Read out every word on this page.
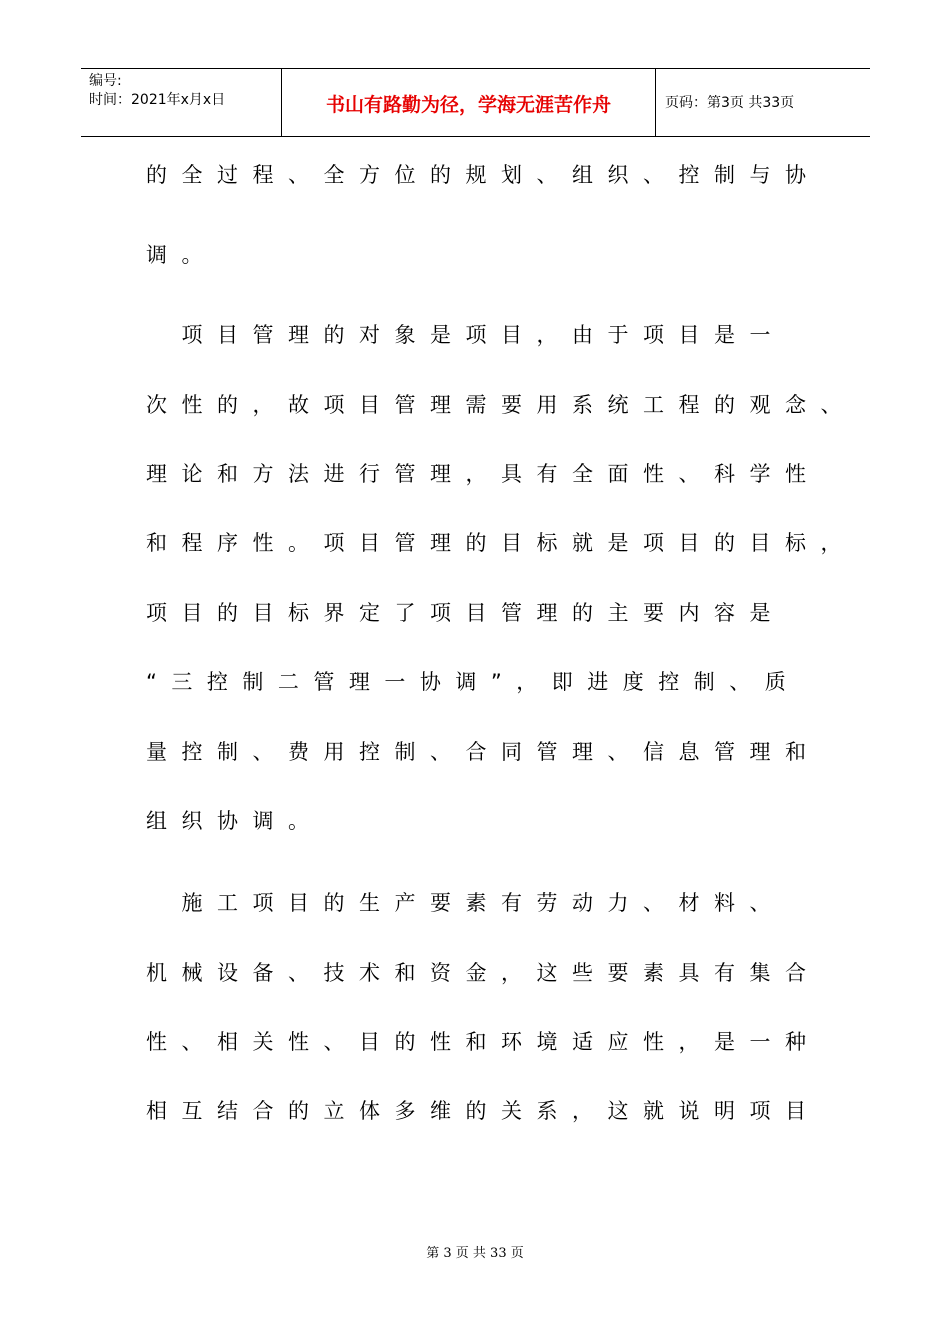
编号:
时间：2021年x月x日	书山有路勤为径，学海无涯苦作舟	页码：第3页 共33页
的全过程、全方位的规划、组织、控制与协
调。
　项目管理的对象是项目，由于项目是一
次性的，故项目管理需要用系统工程的观念、
理论和方法进行管理，具有全面性、科学性
和程序性。项目管理的目标就是项目的目标，
项目的目标界定了项目管理的主要内容是
“三控制二管理一协调”，即进度控制、质
量控制、费用控制、合同管理、信息管理和
组织协调。
　施工项目的生产要素有劳动力、材料、
机械设备、技术和资金，这些要素具有集合
性、相关性、目的性和环境适应性，是一种
相互结合的立体多维的关系，这就说明项目
第 3 页 共 33 页
